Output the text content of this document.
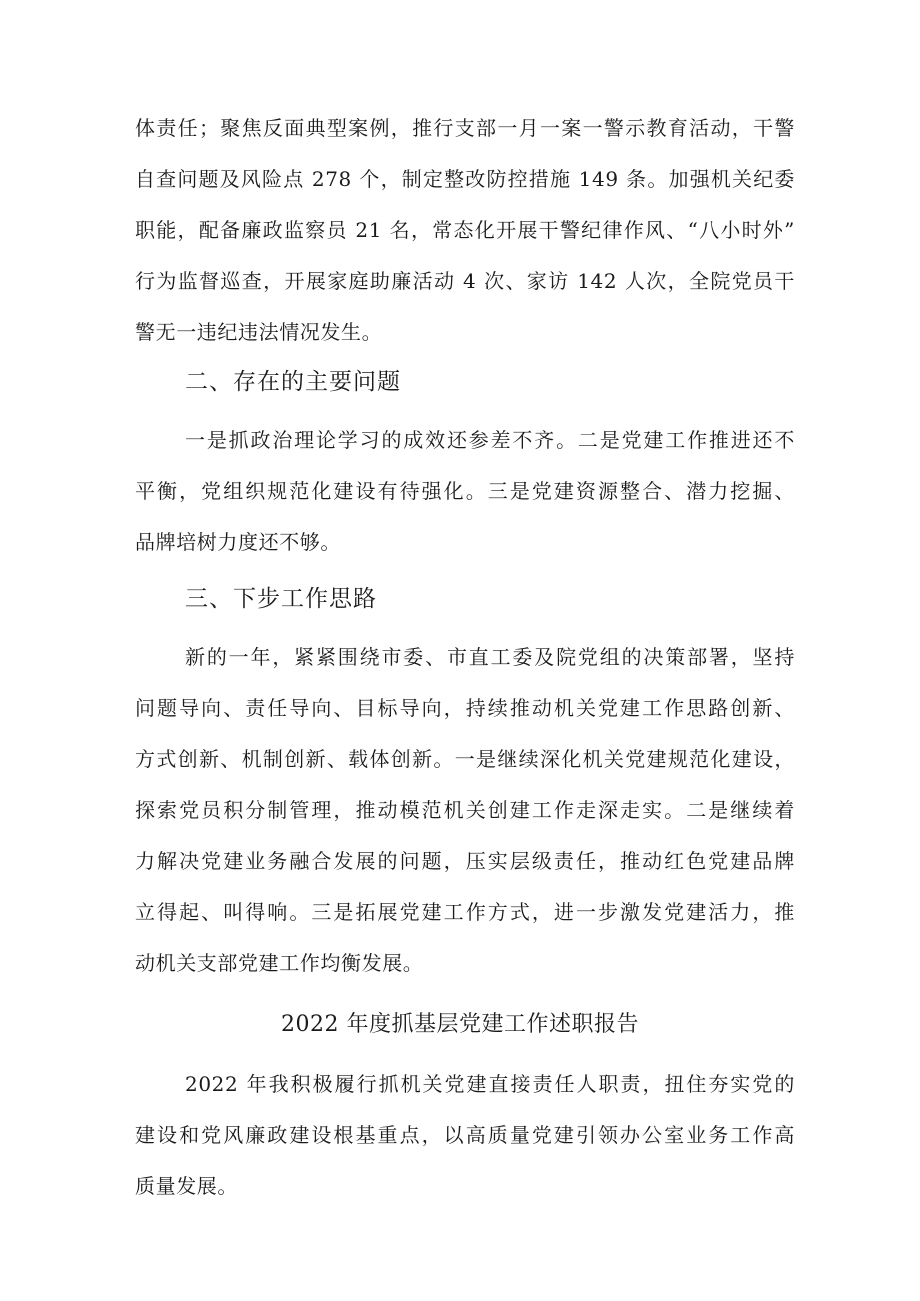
体责任；聚焦反面典型案例，推行支部一月一案一警示教育活动，干警
自查问题及风险点 278 个，制定整改防控措施 149 条。加强机关纪委
职能，配备廉政监察员 21 名，常态化开展干警纪律作风、“八小时外”
行为监督巡查，开展家庭助廉活动 4 次、家访 142 人次，全院党员干
警无一违纪违法情况发生。
二、存在的主要问题
一是抓政治理论学习的成效还参差不齐。二是党建工作推进还不
平衡，党组织规范化建设有待强化。三是党建资源整合、潜力挖掘、
品牌培树力度还不够。
三、下步工作思路
新的一年，紧紧围绕市委、市直工委及院党组的决策部署，坚持
问题导向、责任导向、目标导向，持续推动机关党建工作思路创新、
方式创新、机制创新、载体创新。一是继续深化机关党建规范化建设，
探索党员积分制管理，推动模范机关创建工作走深走实。二是继续着
力解决党建业务融合发展的问题，压实层级责任，推动红色党建品牌
立得起、叫得响。三是拓展党建工作方式，进一步激发党建活力，推
动机关支部党建工作均衡发展。
2022 年度抓基层党建工作述职报告
2022 年我积极履行抓机关党建直接责任人职责，扭住夯实党的
建设和党风廉政建设根基重点，以高质量党建引领办公室业务工作高
质量发展。
